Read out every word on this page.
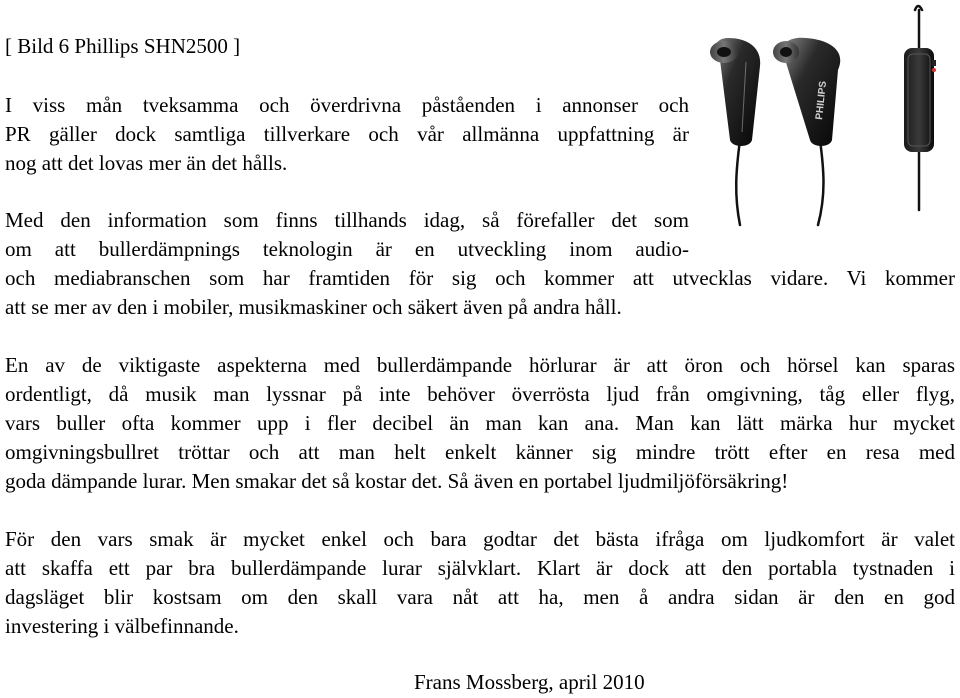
[ Bild 6 Phillips SHN2500 ]
I viss mån tveksamma och överdrivna påståenden i annonser och
PR gäller dock samtliga tillverkare och vår allmänna uppfattning är
nog att det lovas mer än det hålls.
Med den information som finns tillhands idag, så förefaller det som
om att bullerdämpnings teknologin är en utveckling inom audio-
och mediabranschen som har framtiden för sig och kommer att utvecklas vidare. Vi kommer
att se mer av den i mobiler, musikmaskiner och säkert även på andra håll.
En av de viktigaste aspekterna med bullerdämpande hörlurar är att öron och hörsel kan sparas
ordentligt, då musik man lyssnar på inte behöver överrösta ljud från omgivning, tåg eller flyg,
vars buller ofta kommer upp i fler decibel än man kan ana. Man kan lätt märka hur mycket
omgivningsbullret tröttar och att man helt enkelt känner sig mindre trött efter en resa med
goda dämpande lurar. Men smakar det så kostar det. Så även en portabel ljudmiljöförsäkring!
För den vars smak är mycket enkel och bara godtar det bästa ifråga om ljudkomfort är valet
att skaffa ett par bra bullerdämpande lurar självklart. Klart är dock att den portabla tystnaden i
dagsläget blir kostsam om den skall vara nåt att ha, men å andra sidan är den en god
investering i välbefinnande.
Frans Mossberg, april 2010
PHILIPS
